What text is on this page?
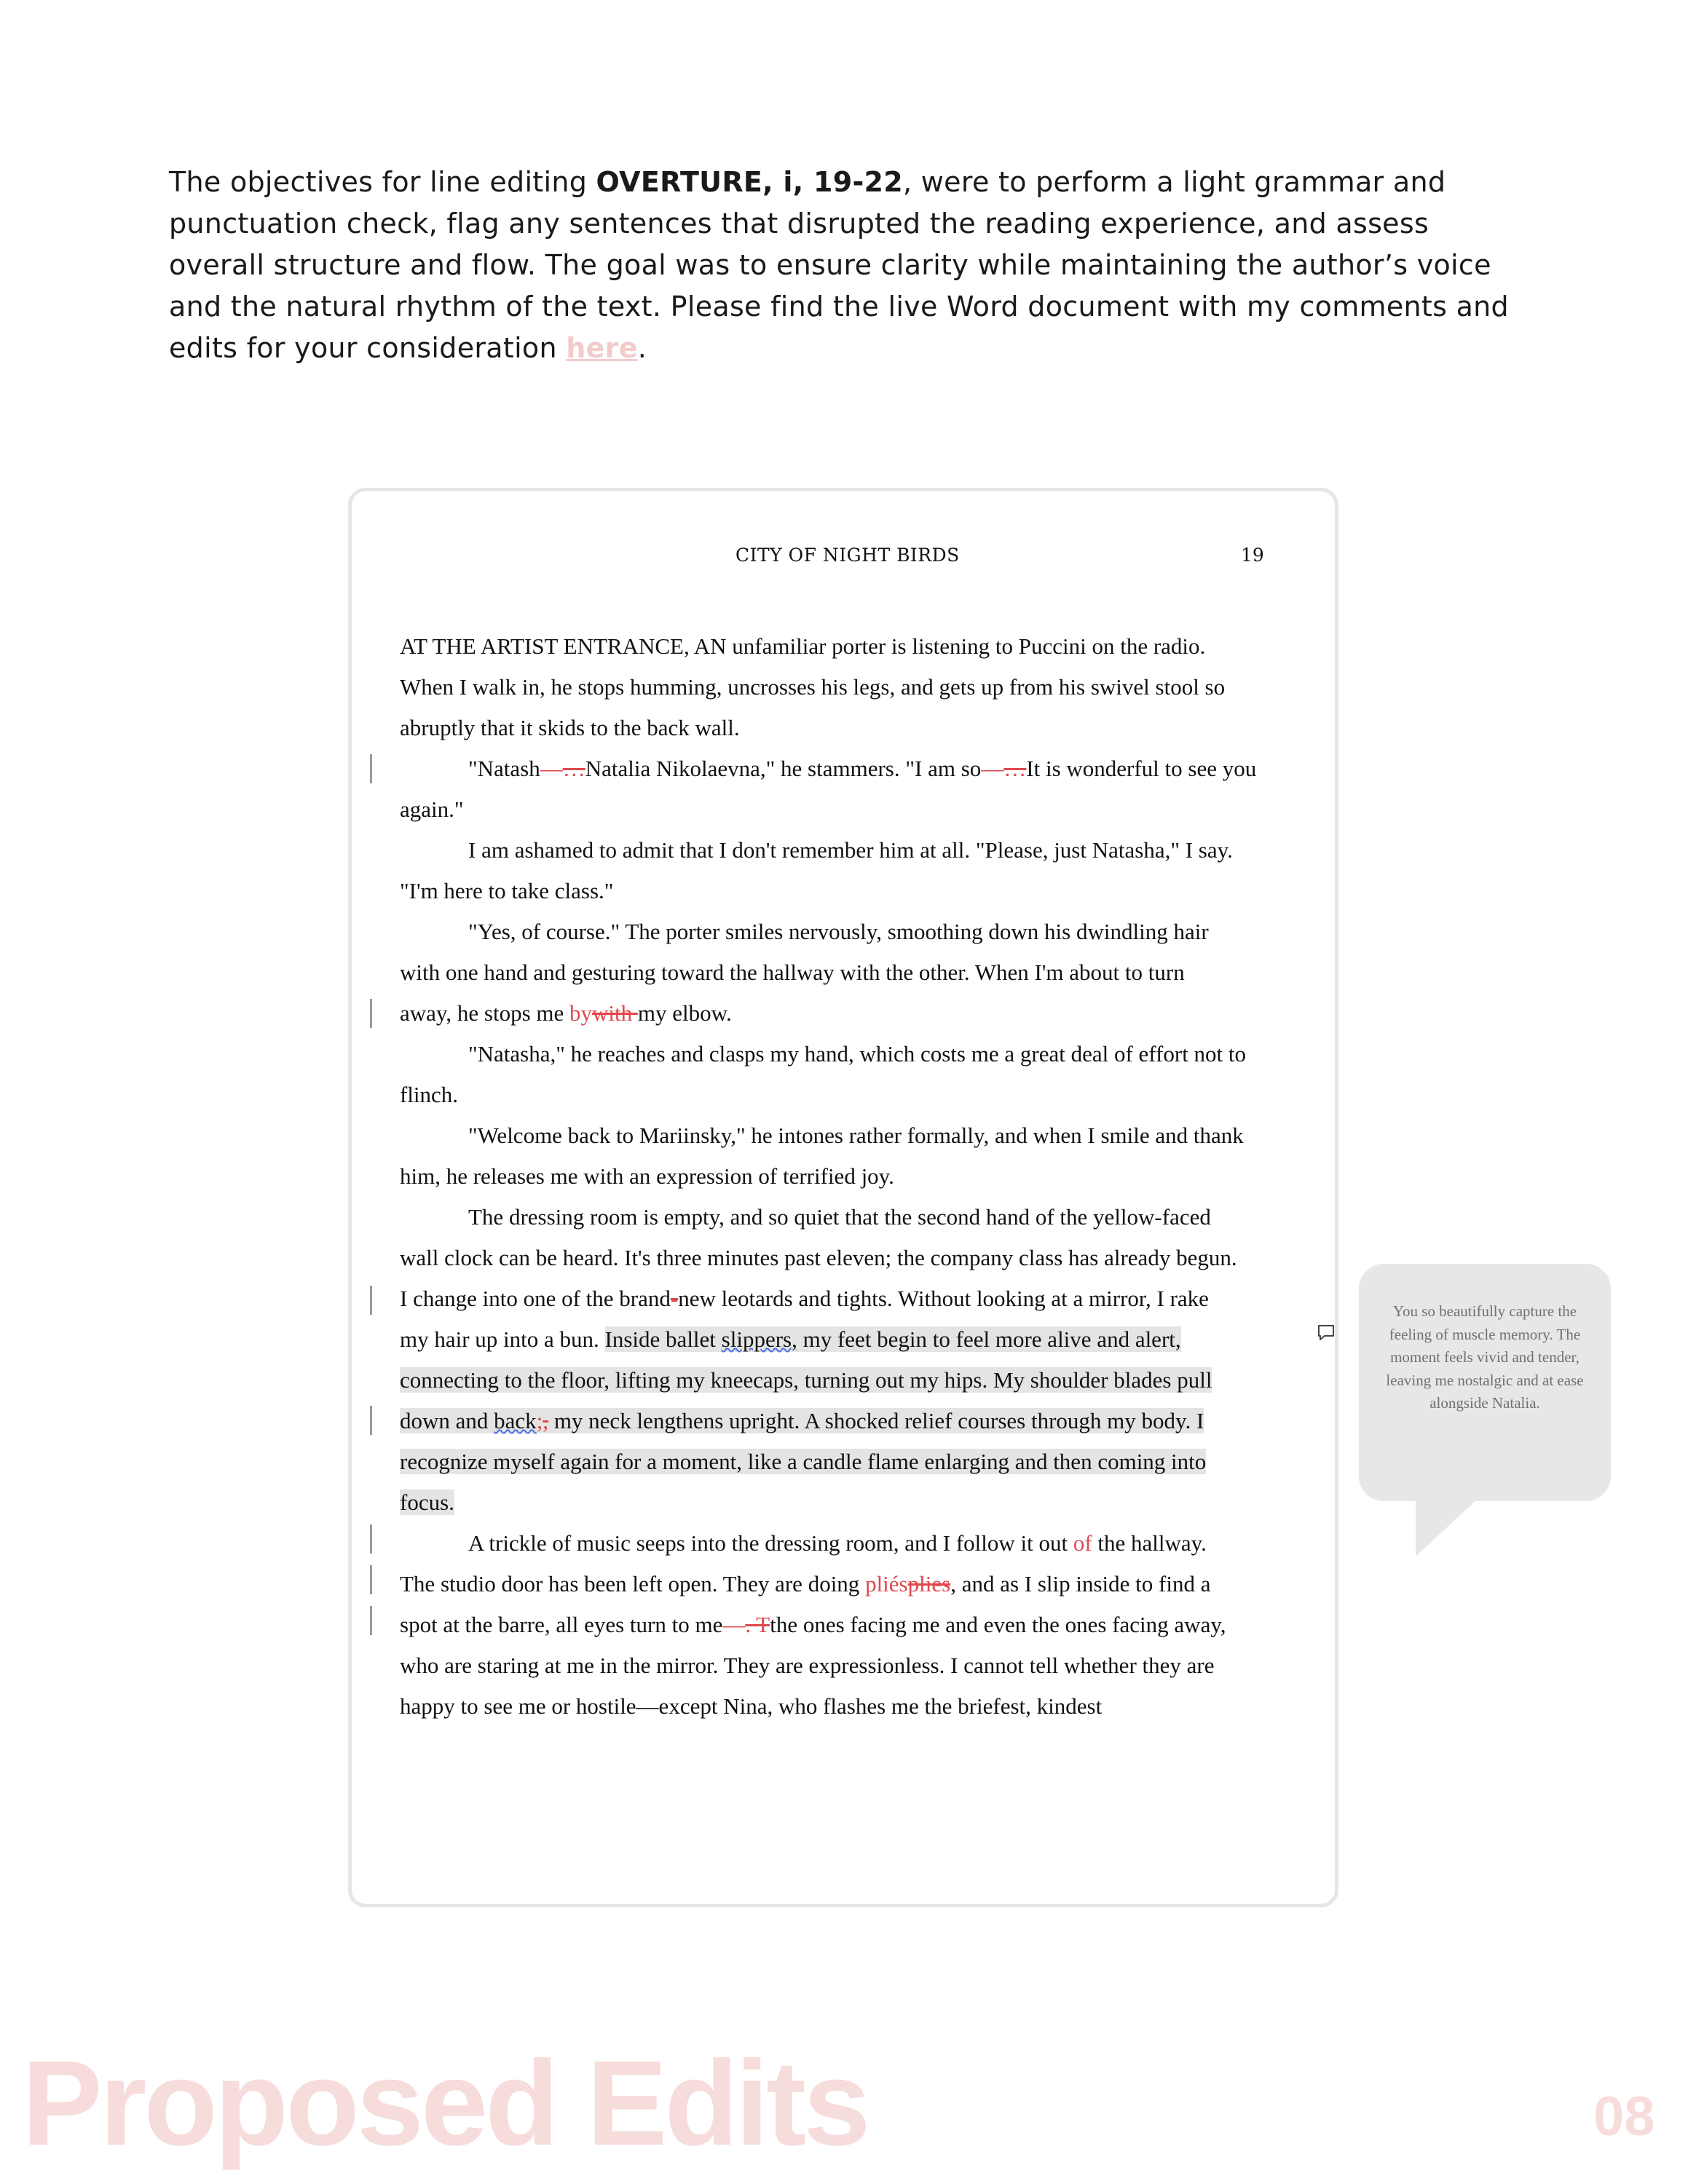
The objectives for line editing OVERTURE, i, 19-22, were to perform a light grammar and punctuation check, flag any sentences that disrupted the reading experience, and assess overall structure and flow. The goal was to ensure clarity while maintaining the author’s voice and the natural rhythm of the text. Please find the live Word document with my comments and edits for your consideration here.

CITY OF NIGHT BIRDS	19
AT THE ARTIST ENTRANCE, AN unfamiliar porter is listening to Puccini on the radio.
When I walk in, he stops humming, uncrosses his legs, and gets up from his swivel stool so
abruptly that it skids to the back wall.
"Natash—…Natalia Nikolaevna," he stammers. "I am so—…It is wonderful to see you
again."
I am ashamed to admit that I don't remember him at all. "Please, just Natasha," I say.
"I'm here to take class."
"Yes, of course." The porter smiles nervously, smoothing down his dwindling hair
with one hand and gesturing toward the hallway with the other. When I'm about to turn
away, he stops me bywith my elbow.
"Natasha," he reaches and clasps my hand, which costs me a great deal of effort not to
flinch.
"Welcome back to Mariinsky," he intones rather formally, and when I smile and thank
him, he releases me with an expression of terrified joy.
The dressing room is empty, and so quiet that the second hand of the yellow-faced
wall clock can be heard. It's three minutes past eleven; the company class has already begun.
I change into one of the brand-new leotards and tights. Without looking at a mirror, I rake
my hair up into a bun. Inside ballet slippers, my feet begin to feel more alive and alert,
connecting to the floor, lifting my kneecaps, turning out my hips. My shoulder blades pull
down and back;, my neck lengthens upright. A shocked relief courses through my body. I
recognize myself again for a moment, like a candle flame enlarging and then coming into
focus.
A trickle of music seeps into the dressing room, and I follow it out of the hallway.
The studio door has been left open. They are doing pliésplies, and as I slip inside to find a
spot at the barre, all eyes turn to me—. Tthe ones facing me and even the ones facing away,
who are staring at me in the mirror. They are expressionless. I cannot tell whether they are
happy to see me or hostile—except Nina, who flashes me the briefest, kindest

You so beautifully capture the feeling of muscle memory. The moment feels vivid and tender, leaving me nostalgic and at ease alongside Natalia.

Proposed Edits	08
